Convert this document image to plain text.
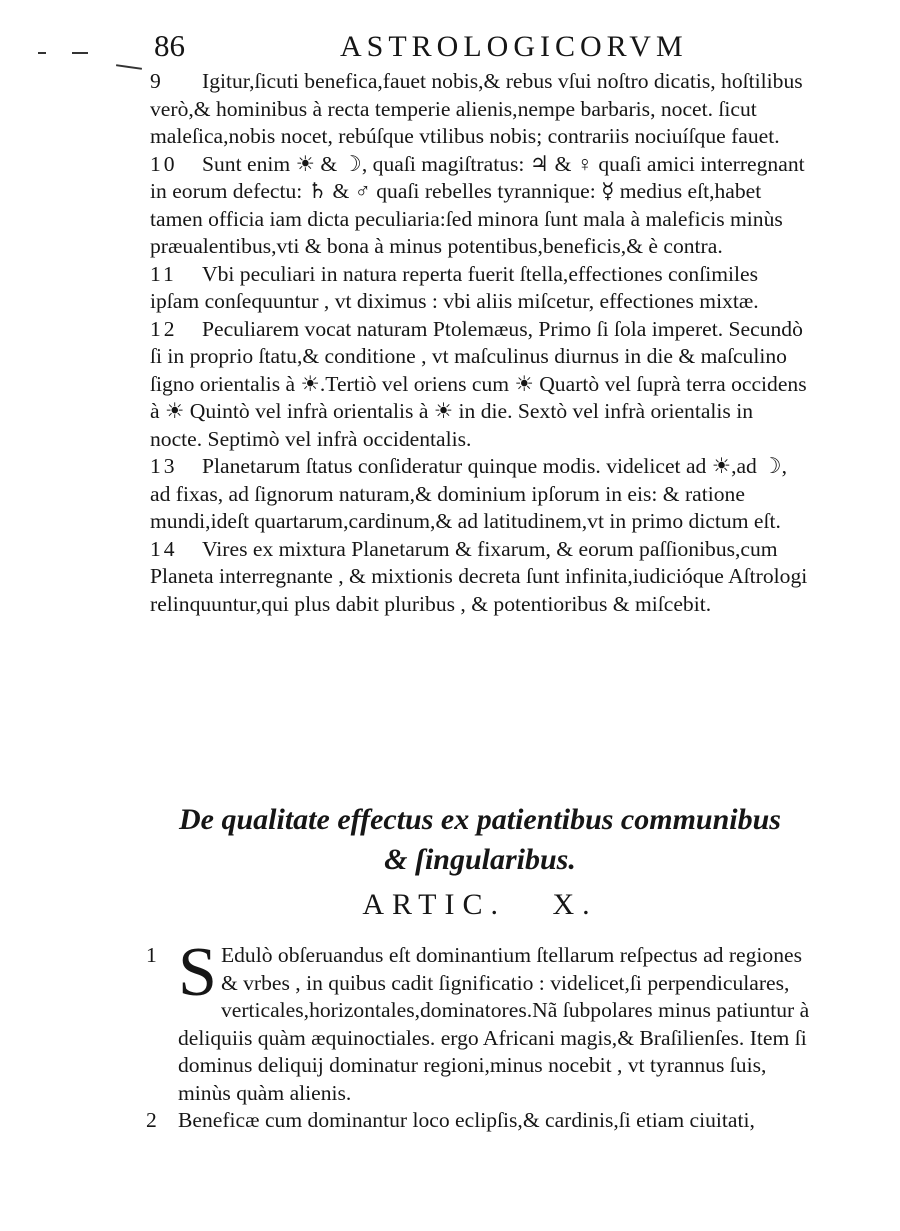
86	ASTROLOGICORVM

9 Igitur,ſicuti benefica,fauet nobis,& rebus vſui noſtro dicatis, hoſtilibus verò,& hominibus à recta temperie alienis,nempe barbaris, nocet. ſicut maleſica,nobis nocet, rebúſque vtilibus nobis; contrariis nociuíſque fauet.

10 Sunt enim ☀ & ☽, quaſi magiſtratus: ♃ & ♀ quaſi amici interregnant in eorum defectu: ♄ & ♂ quaſi rebelles tyrannique: ☿ medius eſt,habet tamen officia iam dicta peculiaria:ſed minora ſunt mala à maleficis minùs præualentibus,vti & bona à minus potentibus,beneficis,& è contra.

11 Vbi peculiari in natura reperta fuerit ſtella,effectiones conſimiles ipſam conſequuntur , vt diximus : vbi aliis miſcetur, effectiones mixtæ.

12 Peculiarem vocat naturam Ptolemæus, Primo ſi ſola imperet. Secundò ſi in proprio ſtatu,& conditione , vt maſculinus diurnus in die & maſculino ſigno orientalis à ☀.Tertiò vel oriens cum ☀ Quartò vel ſuprà terra occidens à ☀ Quintò vel infrà orientalis à ☀ in die. Sextò vel infrà orientalis in nocte. Septimò vel infrà occidentalis.

13 Planetarum ſtatus conſideratur quinque modis. videlicet ad ☀,ad ☽, ad fixas, ad ſignorum naturam,& dominium ipſorum in eis: & ratione mundi,ideſt quartarum,cardinum,& ad latitudinem,vt in primo dictum eſt.

14 Vires ex mixtura Planetarum & fixarum, & eorum paſſionibus,cum Planeta interregnante , & mixtionis decreta ſunt infinita,iudicióque Aſtrologi relinquuntur,qui plus dabit pluribus , & potentioribus & miſcebit.

De qualitate effectus ex patientibus communibus
& ſingularibus.
ARTIC.   X.
1 S Edulò obſeruandus eſt dominantium ſtellarum reſpectus ad regiones & vrbes , in quibus cadit ſignificatio : videlicet,ſi perpendiculares, verticales,horizontales,dominatores.Nã ſubpolares minus patiuntur à deliquiis quàm æquinoctiales. ergo Africani magis,& Braſilienſes. Item ſi dominus deliquij dominatur regioni,minus nocebit , vt tyrannus ſuis, minùs quàm alienis.

2 Beneficæ cum dominantur loco eclipſis,& cardinis,ſi etiam ciuitati,
